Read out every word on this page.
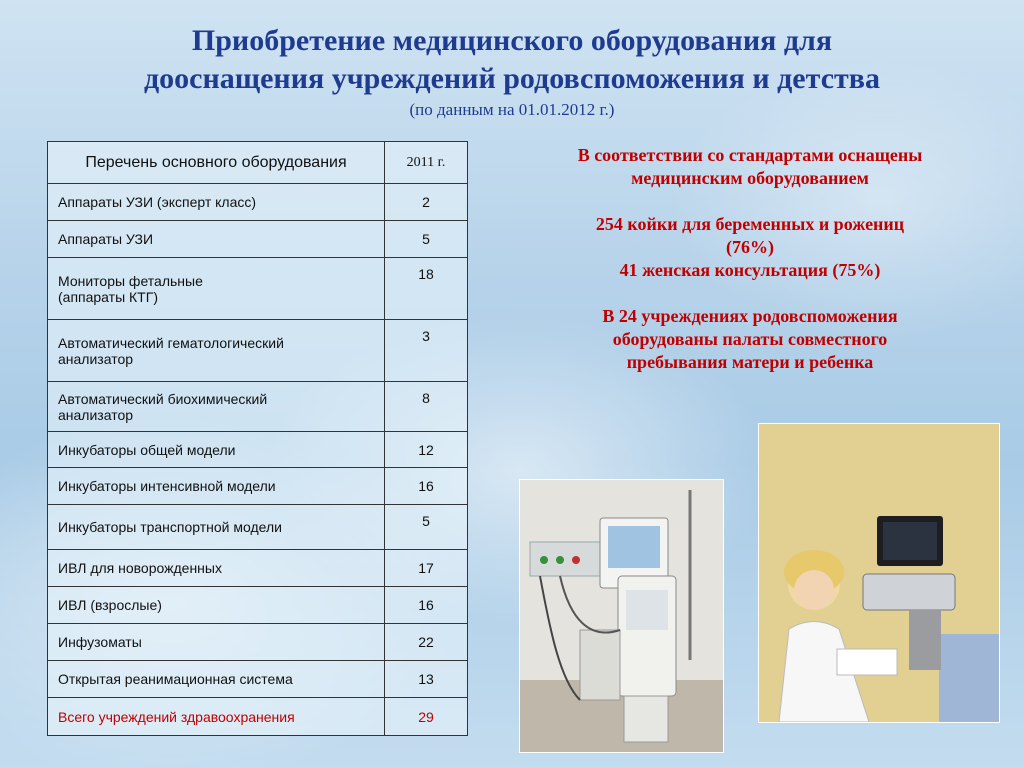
Приобретение медицинского оборудования для
дооснащения учреждений родовспоможения и детства
(по данным на 01.01.2012 г.)
Перечень основного оборудования	2011 г.
Аппараты УЗИ (эксперт класс)	2
Аппараты УЗИ	5
Мониторы фетальные
(аппараты КТГ)	18
Автоматический гематологический
анализатор	3
Автоматический биохимический
анализатор	8
Инкубаторы общей модели	12
Инкубаторы интенсивной модели	16
Инкубаторы транспортной модели	5
ИВЛ для новорожденных	17
ИВЛ (взрослые)	16
Инфузоматы	22
Открытая реанимационная система	13
Всего учреждений здравоохранения	29

В соответствии со стандартами оснащены

медицинским оборудованием

254 койки для беременных и рожениц

(76%)

41 женская консультация (75%)

В 24 учреждениях родовспоможения

оборудованы палаты совместного

пребывания матери и ребенка
